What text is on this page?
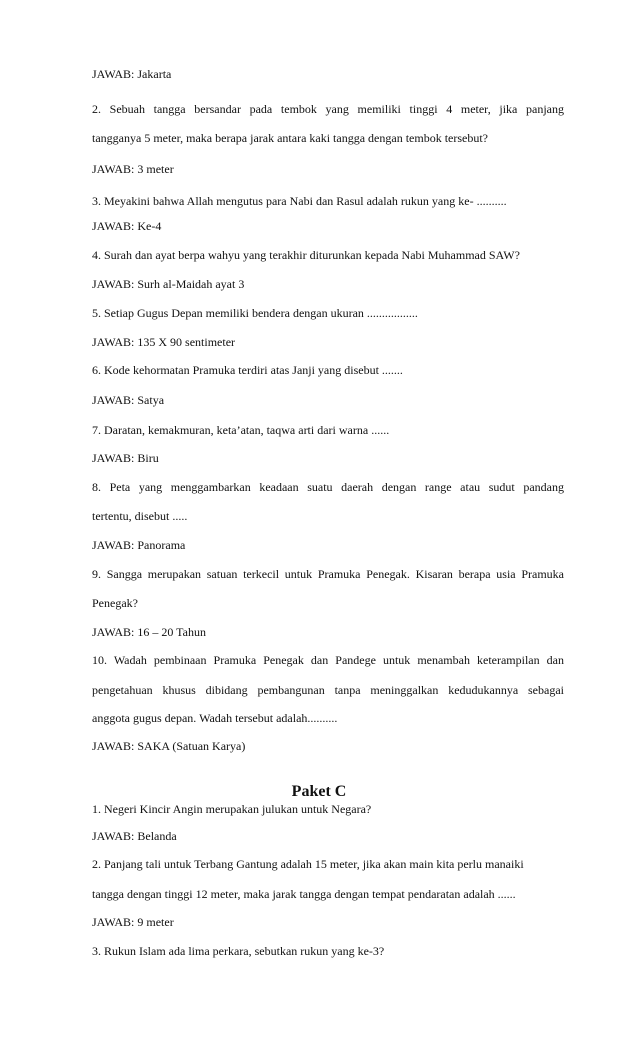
JAWAB: Jakarta
2. Sebuah tangga bersandar pada tembok yang memiliki tinggi 4 meter, jika panjang
tangganya 5 meter, maka berapa jarak antara kaki tangga dengan tembok tersebut?
JAWAB: 3 meter
3. Meyakini bahwa Allah mengutus para Nabi dan Rasul adalah rukun yang ke- ..........
JAWAB: Ke-4
4. Surah dan ayat berpa wahyu yang terakhir diturunkan kepada Nabi Muhammad SAW?
JAWAB: Surh al-Maidah ayat 3
5. Setiap Gugus Depan memiliki bendera dengan ukuran .................
JAWAB: 135 X 90 sentimeter
6. Kode kehormatan Pramuka terdiri atas Janji yang disebut .......
JAWAB: Satya
7. Daratan, kemakmuran, keta’atan, taqwa arti dari warna ......
JAWAB: Biru
8. Peta yang menggambarkan keadaan suatu daerah dengan range atau sudut pandang
tertentu, disebut .....
JAWAB: Panorama
9. Sangga merupakan satuan terkecil untuk Pramuka Penegak. Kisaran berapa usia Pramuka
Penegak?
JAWAB: 16 – 20 Tahun
10. Wadah pembinaan Pramuka Penegak dan Pandege untuk menambah keterampilan dan
pengetahuan khusus dibidang pembangunan tanpa meninggalkan kedudukannya sebagai
anggota gugus depan. Wadah tersebut adalah..........
JAWAB: SAKA (Satuan Karya)
Paket C
1. Negeri Kincir Angin merupakan julukan untuk Negara?
JAWAB: Belanda
2. Panjang tali untuk Terbang Gantung adalah 15 meter, jika akan main kita perlu manaiki
tangga dengan tinggi 12 meter, maka jarak tangga dengan tempat pendaratan adalah ......
JAWAB: 9 meter
3. Rukun Islam ada lima perkara, sebutkan rukun yang ke-3?
